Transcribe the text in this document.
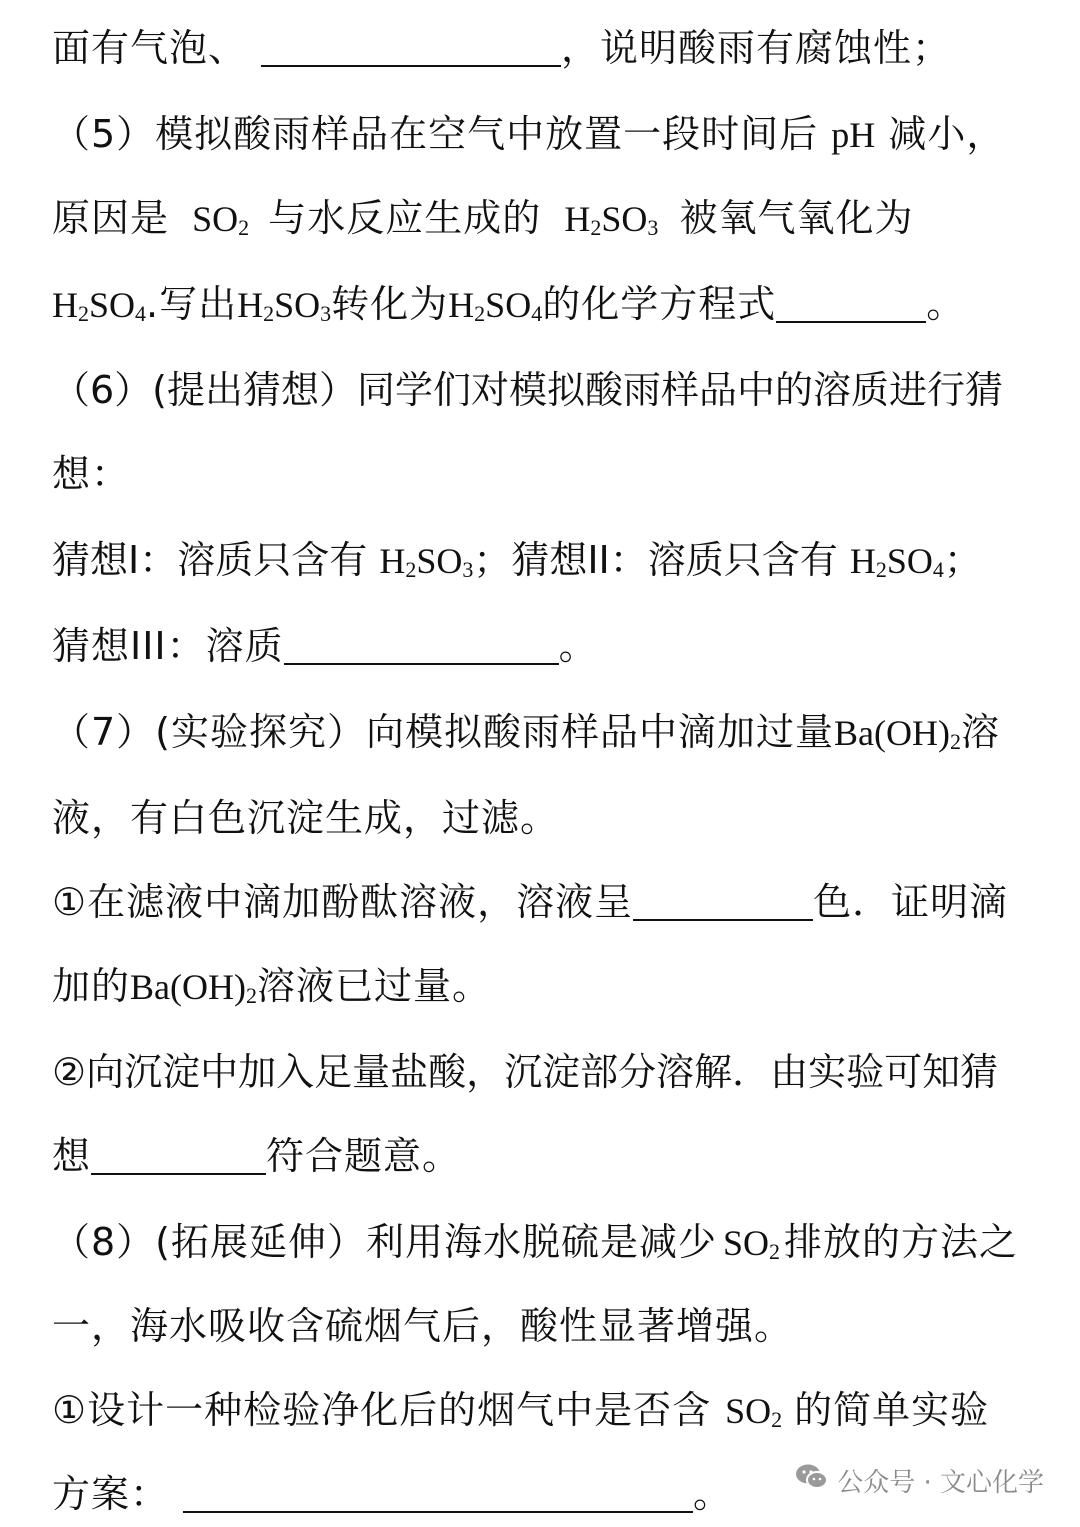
面有气泡、	，说明酸雨有腐蚀性；
（5）模拟酸雨样品在空气中放置一段时间后 pH 减小，
原因是 $SO_2$ 与水反应生成的 $H_2SO_3$ 被氧气氧化为
$H_2SO_4$.写出$H_2SO_3$转化为$H_2SO_4$的化学方程式	。
（6）(提出猜想）同学们对模拟酸雨样品中的溶质进行猜
想：
猜想I：溶质只含有 $H_2SO_3$；猜想II：溶质只含有 $H_2SO_4$；
猜想III：溶质	。
（7）(实验探究）向模拟酸雨样品中滴加过量$Ba(OH)_2$溶
液，有白色沉淀生成，过滤。
①在滤液中滴加酚酞溶液，溶液呈	色．证明滴
加的$Ba(OH)_2$溶液已过量。
②向沉淀中加入足量盐酸，沉淀部分溶解．由实验可知猜
想	符合题意。
（8）(拓展延伸）利用海水脱硫是减少 $SO_2$ 排放的方法之
一，海水吸收含硫烟气后，酸性显著增强。
①设计一种检验净化后的烟气中是否含 $SO_2$ 的简单实验
方案：	。	公众号 · 文心化学
